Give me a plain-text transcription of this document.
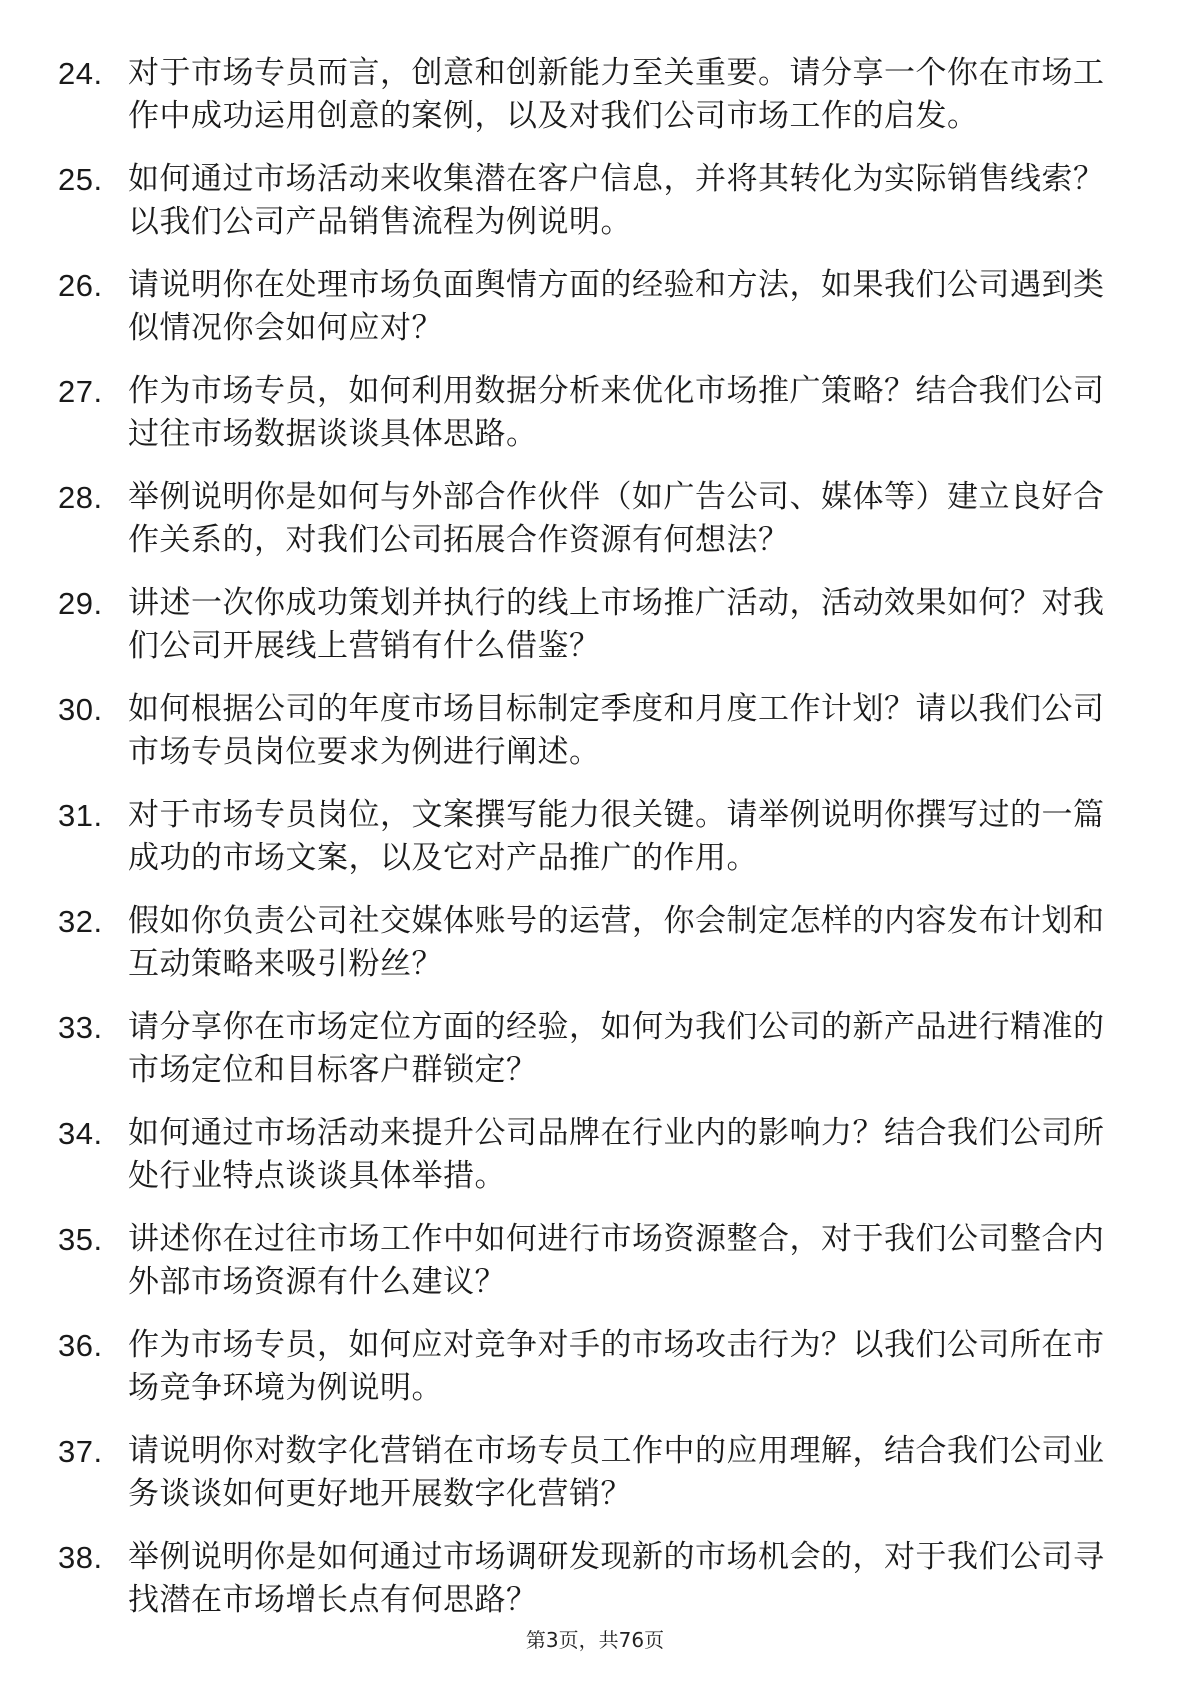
24. 对于市场专员而言，创意和创新能力至关重要。请分享一个你在市场工作中成功运用创意的案例，以及对我们公司市场工作的启发。
25. 如何通过市场活动来收集潜在客户信息，并将其转化为实际销售线索？以我们公司产品销售流程为例说明。
26. 请说明你在处理市场负面舆情方面的经验和方法，如果我们公司遇到类似情况你会如何应对？
27. 作为市场专员，如何利用数据分析来优化市场推广策略？结合我们公司过往市场数据谈谈具体思路。
28. 举例说明你是如何与外部合作伙伴（如广告公司、媒体等）建立良好合作关系的，对我们公司拓展合作资源有何想法？
29. 讲述一次你成功策划并执行的线上市场推广活动，活动效果如何？对我们公司开展线上营销有什么借鉴？
30. 如何根据公司的年度市场目标制定季度和月度工作计划？请以我们公司市场专员岗位要求为例进行阐述。
31. 对于市场专员岗位，文案撰写能力很关键。请举例说明你撰写过的一篇成功的市场文案，以及它对产品推广的作用。
32. 假如你负责公司社交媒体账号的运营，你会制定怎样的内容发布计划和互动策略来吸引粉丝？
33. 请分享你在市场定位方面的经验，如何为我们公司的新产品进行精准的市场定位和目标客户群锁定？
34. 如何通过市场活动来提升公司品牌在行业内的影响力？结合我们公司所处行业特点谈谈具体举措。
35. 讲述你在过往市场工作中如何进行市场资源整合，对于我们公司整合内外部市场资源有什么建议？
36. 作为市场专员，如何应对竞争对手的市场攻击行为？以我们公司所在市场竞争环境为例说明。
37. 请说明你对数字化营销在市场专员工作中的应用理解，结合我们公司业务谈谈如何更好地开展数字化营销？
38. 举例说明你是如何通过市场调研发现新的市场机会的，对于我们公司寻找潜在市场增长点有何思路？
第3页，共76页
